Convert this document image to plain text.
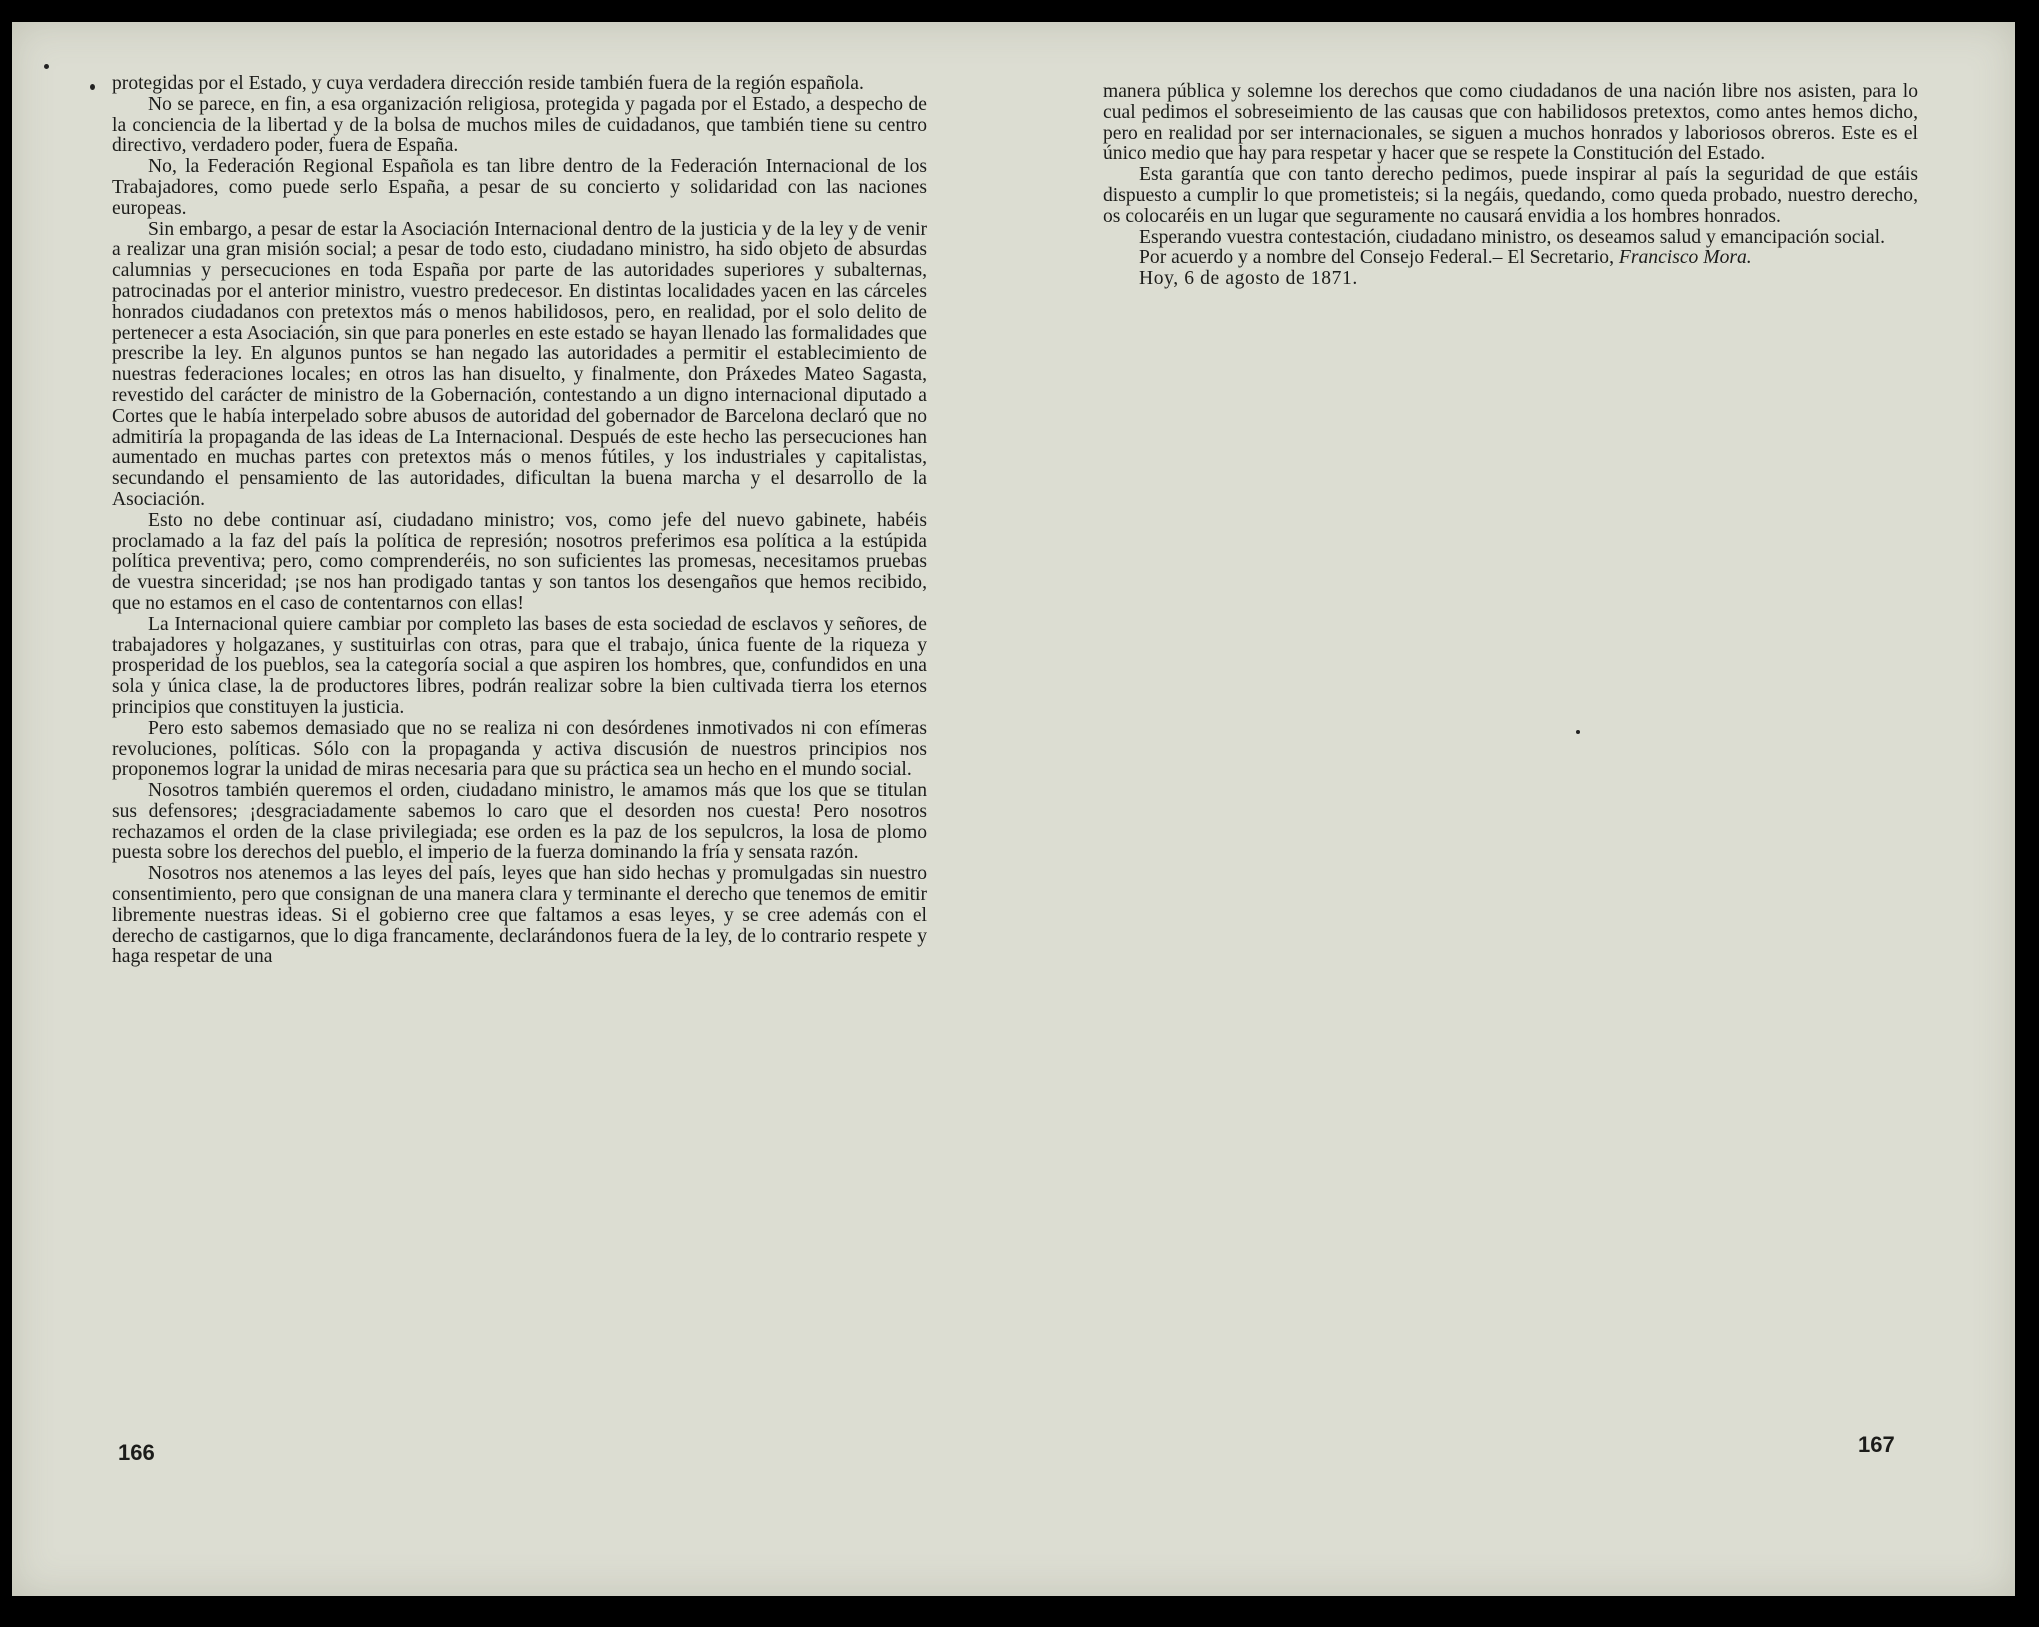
protegidas por el Estado, y cuya verdadera dirección reside también fuera de la región española.

No se parece, en fin, a esa organización religiosa, protegida y pagada por el Estado, a despecho de la conciencia de la libertad y de la bolsa de muchos miles de cuidadanos, que también tiene su centro directivo, verdadero poder, fuera de España.

No, la Federación Regional Española es tan libre dentro de la Federación Internacional de los Trabajadores, como puede serlo España, a pesar de su concierto y solidaridad con las naciones europeas.

Sin embargo, a pesar de estar la Asociación Internacional dentro de la justicia y de la ley y de venir a realizar una gran misión social; a pesar de todo esto, ciudadano ministro, ha sido objeto de absurdas calumnias y persecuciones en toda España por parte de las autoridades superiores y subalternas, patrocinadas por el anterior ministro, vuestro predecesor. En distintas localidades yacen en las cárceles honrados ciudadanos con pretextos más o menos habilidosos, pero, en realidad, por el solo delito de pertenecer a esta Asociación, sin que para ponerles en este estado se hayan llenado las formalidades que prescribe la ley. En algunos puntos se han negado las autoridades a permitir el establecimiento de nuestras federaciones locales; en otros las han disuelto, y finalmente, don Práxedes Mateo Sagasta, revestido del carácter de ministro de la Gobernación, contestando a un digno internacional diputado a Cortes que le había interpelado sobre abusos de autoridad del gobernador de Barcelona declaró que no admitiría la propaganda de las ideas de La Internacional. Después de este hecho las persecuciones han aumentado en muchas partes con pretextos más o menos fútiles, y los industriales y capitalistas, secundando el pensamiento de las autoridades, dificultan la buena marcha y el desarrollo de la Asociación.

Esto no debe continuar así, ciudadano ministro; vos, como jefe del nuevo gabinete, habéis proclamado a la faz del país la política de represión; nosotros preferimos esa política a la estúpida política preventiva; pero, como comprenderéis, no son suficientes las promesas, necesitamos pruebas de vuestra sinceridad; ¡se nos han prodigado tantas y son tantos los desengaños que hemos recibido, que no estamos en el caso de contentarnos con ellas!

La Internacional quiere cambiar por completo las bases de esta sociedad de esclavos y señores, de trabajadores y holgazanes, y sustituirlas con otras, para que el trabajo, única fuente de la riqueza y prosperidad de los pueblos, sea la categoría social a que aspiren los hombres, que, confundidos en una sola y única clase, la de productores libres, podrán realizar sobre la bien cultivada tierra los eternos principios que constituyen la justicia.

Pero esto sabemos demasiado que no se realiza ni con desórdenes inmotivados ni con efímeras revoluciones, políticas. Sólo con la propaganda y activa discusión de nuestros principios nos proponemos lograr la unidad de miras necesaria para que su práctica sea un hecho en el mundo social.

Nosotros también queremos el orden, ciudadano ministro, le amamos más que los que se titulan sus defensores; ¡desgraciadamente sabemos lo caro que el desorden nos cuesta! Pero nosotros rechazamos el orden de la clase privilegiada; ese orden es la paz de los sepulcros, la losa de plomo puesta sobre los derechos del pueblo, el imperio de la fuerza dominando la fría y sensata razón.

Nosotros nos atenemos a las leyes del país, leyes que han sido hechas y promulgadas sin nuestro consentimiento, pero que consignan de una manera clara y terminante el derecho que tenemos de emitir libremente nuestras ideas. Si el gobierno cree que faltamos a esas leyes, y se cree además con el derecho de castigarnos, que lo diga francamente, declarándonos fuera de la ley, de lo contrario respete y haga respetar de una

166

manera pública y solemne los derechos que como ciudadanos de una nación libre nos asisten, para lo cual pedimos el sobreseimiento de las causas que con habilidosos pretextos, como antes hemos dicho, pero en realidad por ser internacionales, se siguen a muchos honrados y laboriosos obreros. Este es el único medio que hay para respetar y hacer que se respete la Constitución del Estado.

Esta garantía que con tanto derecho pedimos, puede inspirar al país la seguridad de que estáis dispuesto a cumplir lo que prometisteis; si la negáis, quedando, como queda probado, nuestro derecho, os colocaréis en un lugar que seguramente no causará envidia a los hombres honrados.

Esperando vuestra contestación, ciudadano ministro, os deseamos salud y emancipación social.

Por acuerdo y a nombre del Consejo Federal.– El Secretario, Francisco Mora.

Hoy, 6 de agosto de 1871.

167
